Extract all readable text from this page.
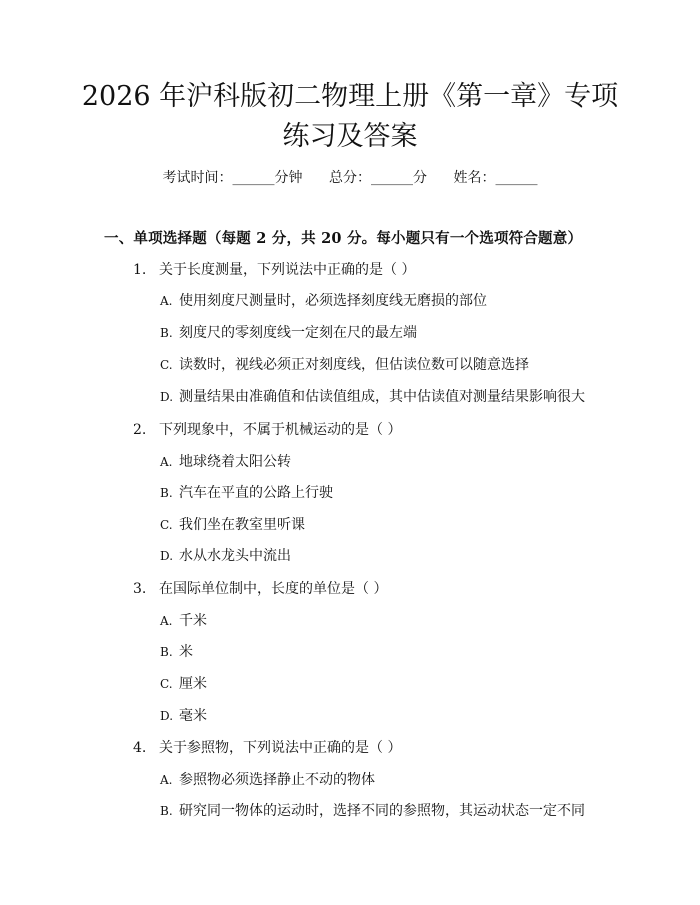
2026 年沪科版初二物理上册《第一章》专项
练习及答案
考试时间：______分钟 总分：______分 姓名：______
一、单项选择题（每题 2 分，共 20 分。每小题只有一个选项符合题意）
1. 关于长度测量，下列说法中正确的是（ ）
A. 使用刻度尺测量时，必须选择刻度线无磨损的部位
B. 刻度尺的零刻度线一定刻在尺的最左端
C. 读数时，视线必须正对刻度线，但估读位数可以随意选择
D. 测量结果由准确值和估读值组成，其中估读值对测量结果影响很大
2. 下列现象中，不属于机械运动的是（ ）
A. 地球绕着太阳公转
B. 汽车在平直的公路上行驶
C. 我们坐在教室里听课
D. 水从水龙头中流出
3. 在国际单位制中，长度的单位是（ ）
A. 千米
B. 米
C. 厘米
D. 毫米
4. 关于参照物，下列说法中正确的是（ ）
A. 参照物必须选择静止不动的物体
B. 研究同一物体的运动时，选择不同的参照物，其运动状态一定不同
